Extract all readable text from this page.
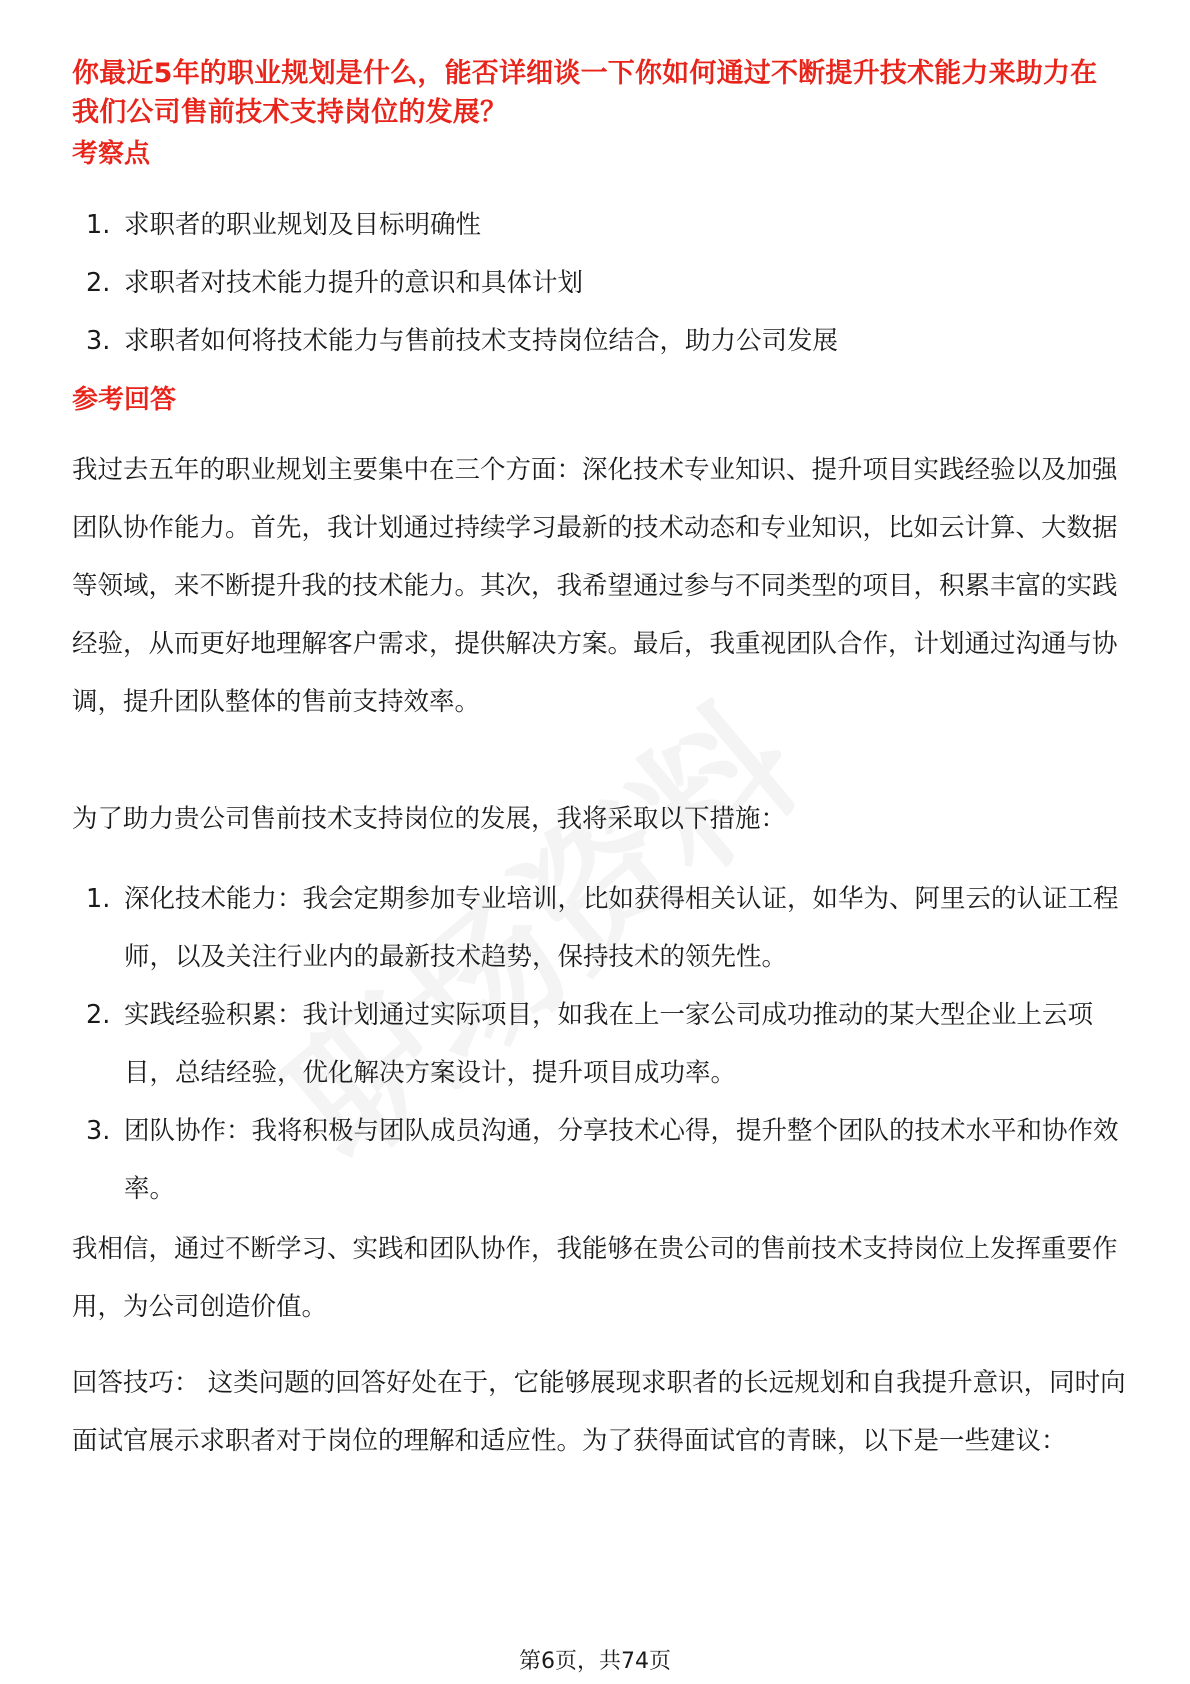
你最近5年的职业规划是什么，能否详细谈一下你如何通过不断提升技术能力来助力在我们公司售前技术支持岗位的发展？
考察点
1. 求职者的职业规划及目标明确性
2. 求职者对技术能力提升的意识和具体计划
3. 求职者如何将技术能力与售前技术支持岗位结合，助力公司发展
参考回答

我过去五年的职业规划主要集中在三个方面：深化技术专业知识、提升项目实践经验以及加强团队协作能力。首先，我计划通过持续学习最新的技术动态和专业知识，比如云计算、大数据等领域，来不断提升我的技术能力。其次，我希望通过参与不同类型的项目，积累丰富的实践经验，从而更好地理解客户需求，提供解决方案。最后，我重视团队合作，计划通过沟通与协调，提升团队整体的售前支持效率。

为了助力贵公司售前技术支持岗位的发展，我将采取以下措施：

1. 深化技术能力：我会定期参加专业培训，比如获得相关认证，如华为、阿里云的认证工程师，以及关注行业内的最新技术趋势，保持技术的领先性。
2. 实践经验积累：我计划通过实际项目，如我在上一家公司成功推动的某大型企业上云项目，总结经验，优化解决方案设计，提升项目成功率。
3. 团队协作：我将积极与团队成员沟通，分享技术心得，提升整个团队的技术水平和协作效率。

我相信，通过不断学习、实践和团队协作，我能够在贵公司的售前技术支持岗位上发挥重要作用，为公司创造价值。

回答技巧： 这类问题的回答好处在于，它能够展现求职者的长远规划和自我提升意识，同时向面试官展示求职者对于岗位的理解和适应性。为了获得面试官的青睐，以下是一些建议：

第6页，共74页
